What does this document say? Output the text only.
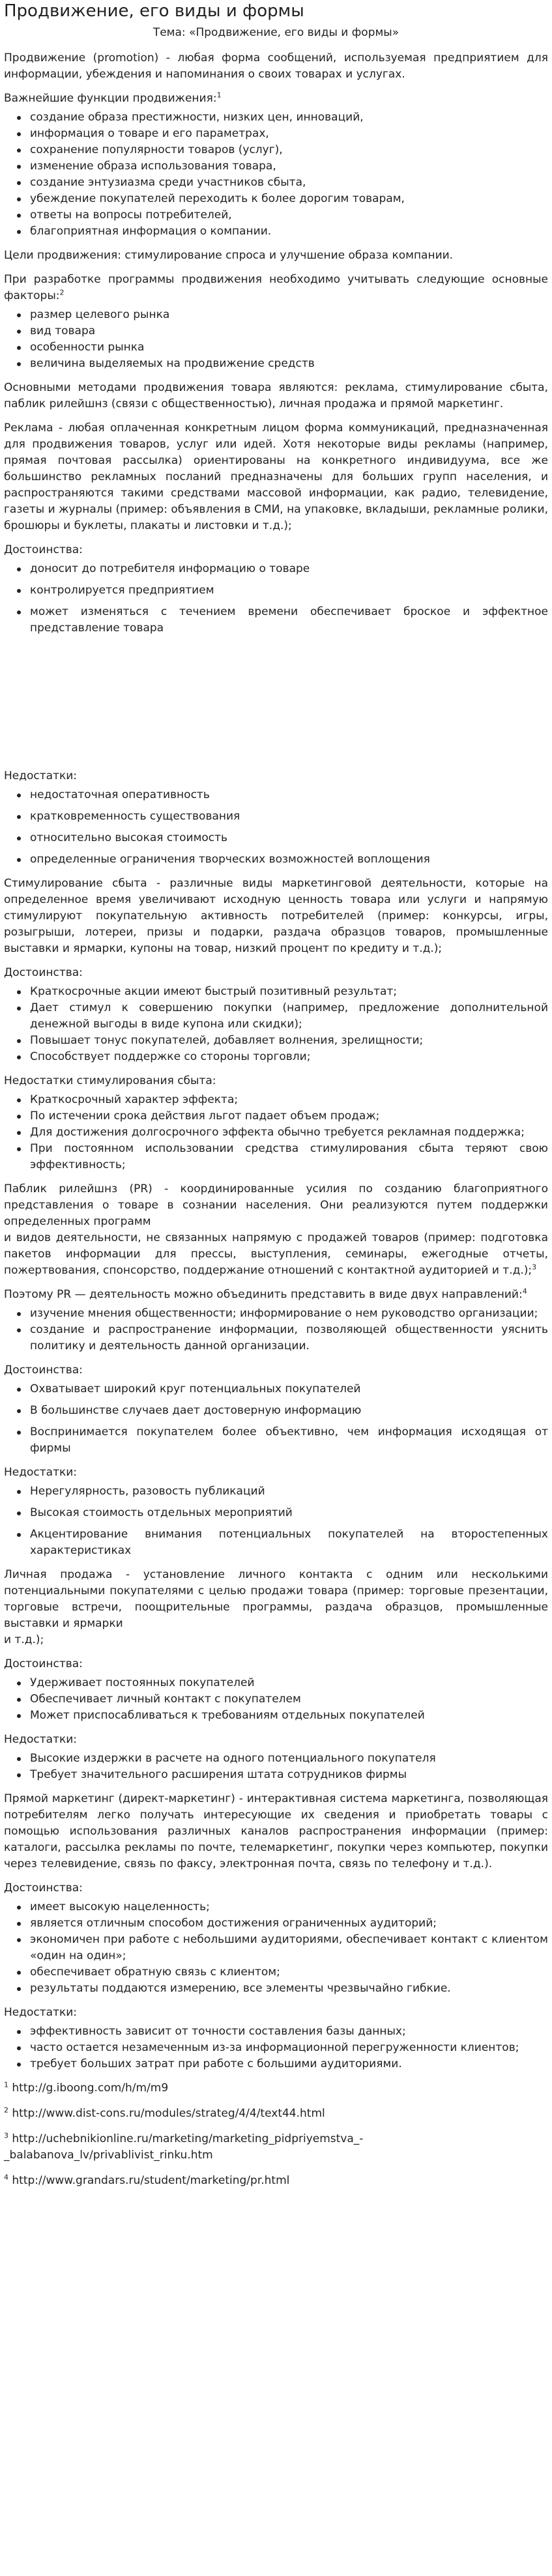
Продвижение, его виды и формы
Тема: «Продвижение, его виды и формы»

Продвижение (promotion) - любая форма сообщений, используемая предприятием для информации, убеждения и напоминания о своих товарах и услугах.

Важнейшие функции продвижения:$^1$

создание образа престижности, низких цен, инноваций,
информация о товаре и его параметрах,
сохранение популярности товаров (услуг),
изменение образа использования товара,
создание энтузиазма среди участников сбыта,
убеждение покупателей переходить к более дорогим товарам,
ответы на вопросы потребителей,
благоприятная информация о компании.

Цели продвижения: стимулирование спроса и улучшение образа компании.

При разработке программы продвижения необходимо учитывать следующие основные факторы:$^2$

размер целевого рынка
вид товара
особенности рынка
величина выделяемых на продвижение средств

Основными методами продвижения товара являются: реклама, стимулирование сбыта, паблик рилейшнз (связи с общественностью), личная продажа и прямой маркетинг.

Реклама - любая оплаченная конкретным лицом форма коммуникаций, предназначенная для продвижения товаров, услуг или идей. Хотя некоторые виды рекламы (например, прямая почтовая рассылка) ориентированы на конкретного индивидуума, все же большинство рекламных посланий предназначены для больших групп населения, и распространяются такими средствами массовой информации, как радио, телевидение, газеты и журналы (пример: объявления в СМИ, на упаковке, вкладыши, рекламные ролики, брошюры и буклеты, плакаты и листовки и т.д.);

Достоинства:

доносит до потребителя информацию о товаре
контролируется предприятием
может изменяться с течением времени обеспечивает броское и эффектное представление товара

Недостатки:

недостаточная оперативность
кратковременность существования
относительно высокая стоимость
определенные ограничения творческих возможностей воплощения

Стимулирование сбыта - различные виды маркетинговой деятельности, которые на определенное время увеличивают исходную ценность товара или услуги и напрямую стимулируют покупательную активность потребителей (пример: конкурсы, игры, розыгрыши, лотереи, призы и подарки, раздача образцов товаров, промышленные выставки и ярмарки, купоны на товар, низкий процент по кредиту и т.д.);

Достоинства:

Краткосрочные акции имеют быстрый позитивный результат;
Дает стимул к совершению покупки (например, предложение дополнительной денежной выгоды в виде купона или скидки);
Повышает тонус покупателей, добавляет волнения, зрелищности;
Способствует поддержке со стороны торговли;

Недостатки стимулирования сбыта:

Краткосрочный характер эффекта;
По истечении срока действия льгот падает объем продаж;
Для достижения долгосрочного эффекта обычно требуется рекламная поддержка;
При постоянном использовании средства стимулирования сбыта теряют свою эффективность;

Паблик рилейшнз (PR) - координированные усилия по созданию благоприятного представления о товаре в сознании населения. Они реализуются путем поддержки определенных программ

и видов деятельности, не связанных напрямую с продажей товаров (пример: подготовка пакетов информации для прессы, выступления, семинары, ежегодные отчеты, пожертвования, спонсорство, поддержание отношений с контактной аудиторией и т.д.);$^3$

Поэтому PR — деятельность можно объединить представить в виде двух направлений:$^4$

изучение мнения общественности; информирование о нем руководство организации;
создание и распространение информации, позволяющей общественности уяснить политику и деятельность данной организации.

Достоинства:

Охватывает широкий круг потенциальных покупателей
В большинстве случаев дает достоверную информацию
Воспринимается покупателем более объективно, чем информация исходящая от фирмы

Недостатки:

Нерегулярность, разовость публикаций
Высокая стоимость отдельных мероприятий
Акцентирование внимания потенциальных покупателей на второстепенных характеристиках

Личная продажа - установление личного контакта с одним или несколькими потенциальными покупателями с целью продажи товара (пример: торговые презентации, торговые встречи, поощрительные программы, раздача образцов, промышленные выставки и ярмарки

и т.д.);

Достоинства:

Удерживает постоянных покупателей
Обеспечивает личный контакт с покупателем
Может приспосабливаться к требованиям отдельных покупателей

Недостатки:

Высокие издержки в расчете на одного потенциального покупателя
Требует значительного расширения штата сотрудников фирмы

Прямой маркетинг (директ-маркетинг) - интерактивная система маркетинга, позволяющая потребителям легко получать интересующие их сведения и приобретать товары с помощью использования различных каналов распространения информации (пример: каталоги, рассылка рекламы по почте, телемаркетинг, покупки через компьютер, покупки через телевидение, связь по факсу, электронная почта, связь по телефону и т.д.).

Достоинства:

имеет высокую нацеленность;
является отличным способом достижения ограниченных аудиторий;
экономичен при работе с небольшими аудиториями, обеспечивает контакт с клиентом «один на один»;
обеспечивает обратную связь с клиентом;
результаты поддаются измерению, все элементы чрезвычайно гибкие.

Недостатки:

эффективность зависит от точности составления базы данных;
часто остается незамеченным из-за информационной перегруженности клиентов;
требует больших затрат при работе с большими аудиториями.
$^1$ http://g.iboong.com/h/m/m9
$^2$ http://www.dist-cons.ru/modules/strateg/4/4/text44.html
$^3$ http://uchebnikionline.ru/marketing/marketing_pidpriyemstva_-_balabanova_lv/privablivist_rinku.htm
$^4$ http://www.grandars.ru/student/marketing/pr.html
